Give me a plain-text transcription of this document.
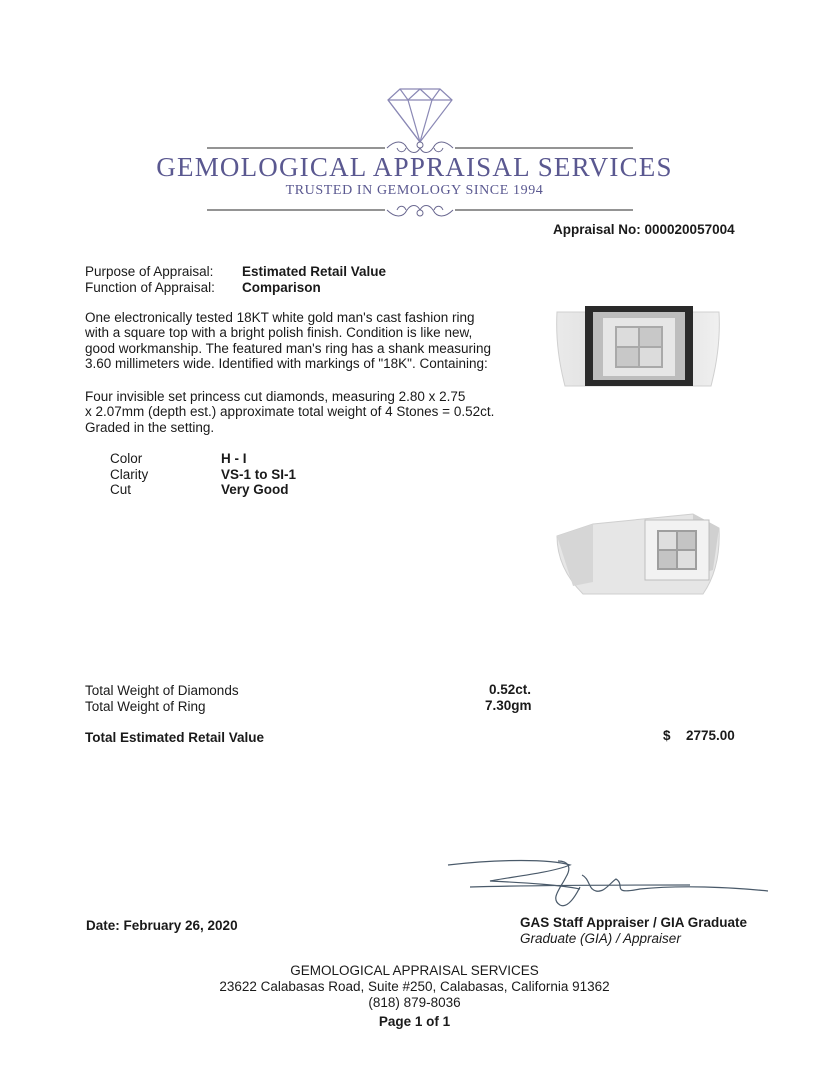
GEMOLOGICAL APPRAISAL SERVICES
TRUSTED IN GEMOLOGY SINCE 1994
Appraisal No: 000020057004
Purpose of Appraisal: Estimated Retail Value
Function of Appraisal: Comparison
One electronically tested 18KT white gold man's cast fashion ring
with a square top with a bright polish finish. Condition is like new,
good workmanship. The featured man's ring has a shank measuring
3.60 millimeters wide. Identified with markings of "18K". Containing:
Four invisible set princess cut diamonds, measuring 2.80 x 2.75
x 2.07mm (depth est.) approximate total weight of 4 Stones = 0.52ct.
Graded in the setting.
Color	H - I
Clarity	VS-1 to SI-1
Cut	Very Good
Total Weight of Diamonds	0.52ct.
Total Weight of Ring	7.30gm
Total Estimated Retail Value	$ 2775.00
Date: February 26, 2020	GAS Staff Appraiser / GIA Graduate
Graduate (GIA) / Appraiser
GEMOLOGICAL APPRAISAL SERVICES
23622 Calabasas Road, Suite #250, Calabasas, California 91362
(818) 879-8036
Page 1 of 1
